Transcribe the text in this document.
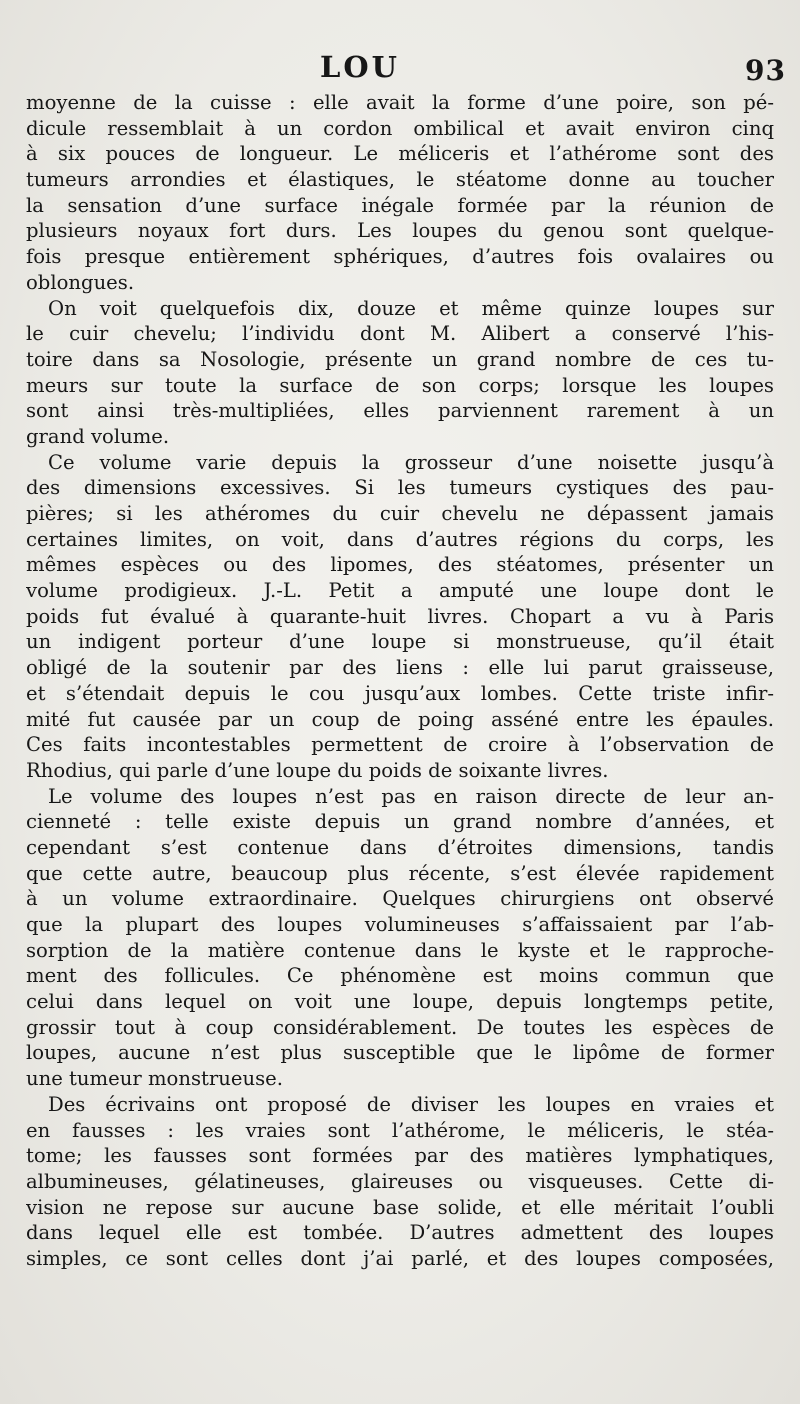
LOU	93
moyenne de la cuisse : elle avait la forme d’une poire, son pé-
dicule ressemblait à un cordon ombilical et avait environ cinq
à six pouces de longueur. Le méliceris et l’athérome sont des
tumeurs arrondies et élastiques, le stéatome donne au toucher
la sensation d’une surface inégale formée par la réunion de
plusieurs noyaux fort durs. Les loupes du genou sont quelque-
fois presque entièrement sphériques, d’autres fois ovalaires ou
oblongues.
On voit quelquefois dix, douze et même quinze loupes sur
le cuir chevelu; l’individu dont M. Alibert a conservé l’his-
toire dans sa Nosologie, présente un grand nombre de ces tu-
meurs sur toute la surface de son corps; lorsque les loupes
sont ainsi très-multipliées, elles parviennent rarement à un
grand volume.
Ce volume varie depuis la grosseur d’une noisette jusqu’à
des dimensions excessives. Si les tumeurs cystiques des pau-
pières; si les athéromes du cuir chevelu ne dépassent jamais
certaines limites, on voit, dans d’autres régions du corps, les
mêmes espèces ou des lipomes, des stéatomes, présenter un
volume prodigieux. J.-L. Petit a amputé une loupe dont le
poids fut évalué à quarante-huit livres. Chopart a vu à Paris
un indigent porteur d’une loupe si monstrueuse, qu’il était
obligé de la soutenir par des liens : elle lui parut graisseuse,
et s’étendait depuis le cou jusqu’aux lombes. Cette triste infir-
mité fut causée par un coup de poing asséné entre les épaules.
Ces faits incontestables permettent de croire à l’observation de
Rhodius, qui parle d’une loupe du poids de soixante livres.
Le volume des loupes n’est pas en raison directe de leur an-
cienneté : telle existe depuis un grand nombre d’années, et
cependant s’est contenue dans d’étroites dimensions, tandis
que cette autre, beaucoup plus récente, s’est élevée rapidement
à un volume extraordinaire. Quelques chirurgiens ont observé
que la plupart des loupes volumineuses s’affaissaient par l’ab-
sorption de la matière contenue dans le kyste et le rapproche-
ment des follicules. Ce phénomène est moins commun que
celui dans lequel on voit une loupe, depuis longtemps petite,
grossir tout à coup considérablement. De toutes les espèces de
loupes, aucune n’est plus susceptible que le lipôme de former
une tumeur monstrueuse.
Des écrivains ont proposé de diviser les loupes en vraies et
en fausses : les vraies sont l’athérome, le méliceris, le stéa-
tome; les fausses sont formées par des matières lymphatiques,
albumineuses, gélatineuses, glaireuses ou visqueuses. Cette di-
vision ne repose sur aucune base solide, et elle méritait l’oubli
dans lequel elle est tombée. D’autres admettent des loupes
simples, ce sont celles dont j’ai parlé, et des loupes composées,
